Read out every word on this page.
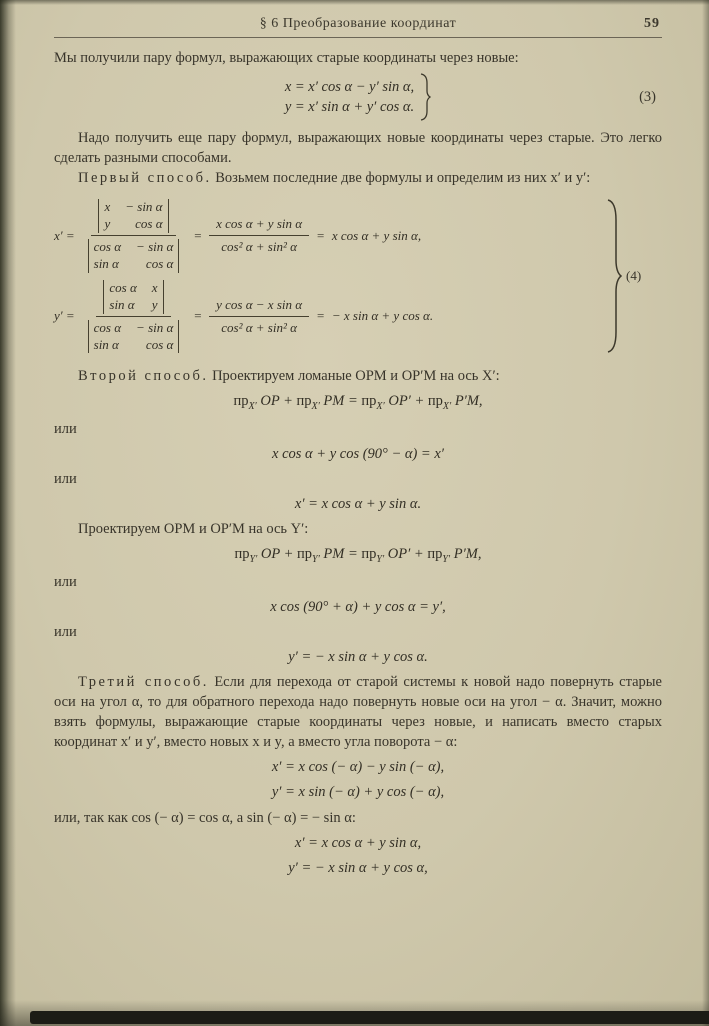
§ 6 Преобразование координат	59

Мы получили пару формул, выражающих старые координаты через новые:

x = x′ cos α − y′ sin α,
y = x′ sin α + y′ cos α.
(3)

Надо получить еще пару формул, выражающих новые координаты через старые. Это легко сделать разными способами.

Первый способ. Возьмем последние две формулы и определим из них x′ и y′:

x′ =
x − sin α
y cos α
cos α − sin α
sin α cos α
= $\frac{\text{x cos α + y sin α}}{\text{cos² α + sin² α}} = x$ cos α + y sin α,
y′ =
cos α x
sin α y
cos α − sin α
sin α cos α
= $\frac{\text{y cos α − x sin α}}{\text{cos² α + sin² α}}$ = − x sin α + y cos α.
(4)

Второй способ. Проектируем ломаные OPM и OP′M на ось X′:

$пр_{X'}$ OP + $пр_{X'}$ PM = $пр_{X'}$ $OP' + пр_{X'}$ P′M,
или
x cos α + y cos (90° − α) = x′
или
x′ = x cos α + y sin α.

Проектируем OPM и OP′M на ось Y′:

$пр_{Y'}$ OP + $пр_{Y'}$ PM = $пр_{Y'}$ $OP' + пр_{Y'}$ P′M,
или
x cos (90° + α) + y cos α = y′,
или
y′ = − x sin α + y cos α.

Третий способ. Если для перехода от старой системы к новой надо повернуть старые оси на угол α, то для обратного перехода надо повернуть новые оси на угол − α. Значит, можно взять формулы, выражающие старые координаты через новые, и написать вместо старых координат x′ и y′, вместо новых x и y, а вместо угла поворота − α:

x′ = x cos (− α) − y sin (− α),
y′ = x sin (− α) + y cos (− α),

или, так как cos (− α) = cos α, а sin (− α) = − sin α:

x′ = x cos α + y sin α,
y′ = − x sin α + y cos α,
